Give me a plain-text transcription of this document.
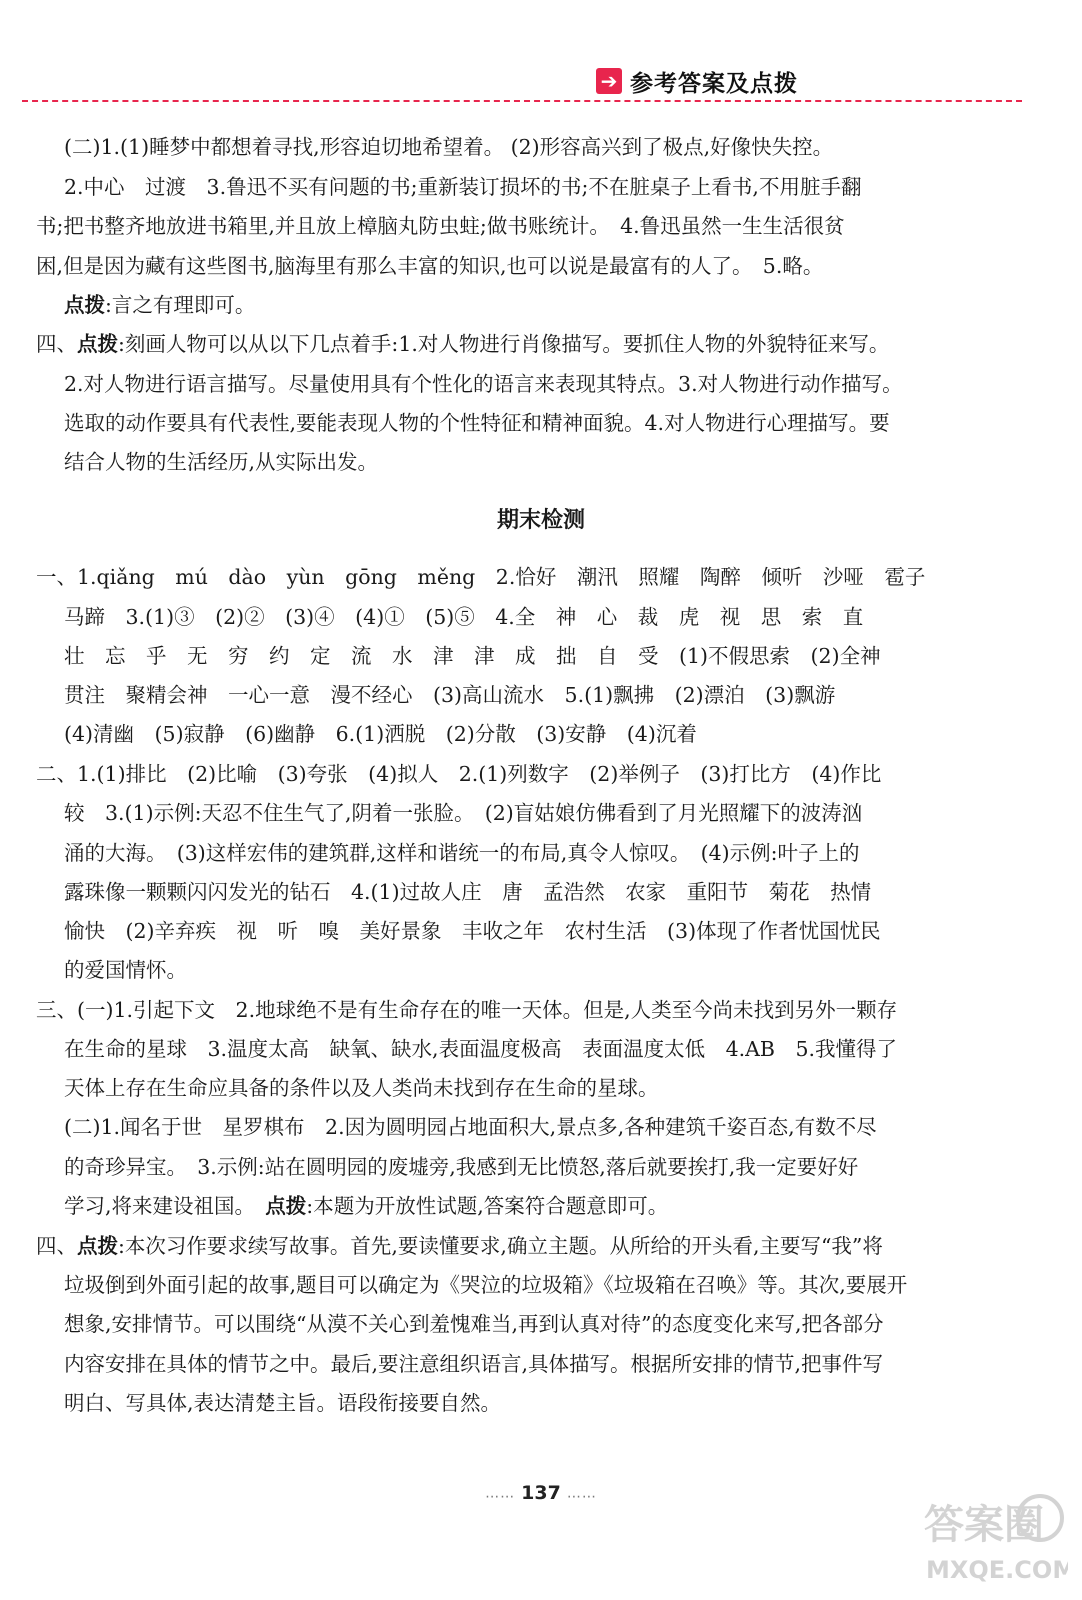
➔ 参考答案及点拨
(二)1.(1)睡梦中都想着寻找,形容迫切地希望着。 (2)形容高兴到了极点,好像快失控。
2.中心　过渡　3.鲁迅不买有问题的书;重新装订损坏的书;不在脏桌子上看书,不用脏手翻
书;把书整齐地放进书箱里,并且放上樟脑丸防虫蛀;做书账统计。　4.鲁迅虽然一生生活很贫
困,但是因为藏有这些图书,脑海里有那么丰富的知识,也可以说是最富有的人了。　5.略。
点拨:言之有理即可。
四、点拨:刻画人物可以从以下几点着手:1.对人物进行肖像描写。要抓住人物的外貌特征来写。
2.对人物进行语言描写。尽量使用具有个性化的语言来表现其特点。3.对人物进行动作描写。
选取的动作要具有代表性,要能表现人物的个性特征和精神面貌。4.对人物进行心理描写。要
结合人物的生活经历,从实际出发。
期末检测
一、1.qiǎng　mú　dào　yùn　gōng　měng　2.恰好　潮汛　照耀　陶醉　倾听　沙哑　雹子
马蹄　3.(1)③　(2)②　(3)④　(4)①　(5)⑤　4.全　神　心　裁　虎　视　思　索　直
壮　忘　乎　无　穷　约　定　流　水　津　津　成　拙　自　受　(1)不假思索　(2)全神
贯注　聚精会神　一心一意　漫不经心　(3)高山流水　5.(1)飘拂　(2)漂泊　(3)飘游
(4)清幽　(5)寂静　(6)幽静　6.(1)洒脱　(2)分散　(3)安静　(4)沉着
二、1.(1)排比　(2)比喻　(3)夸张　(4)拟人　2.(1)列数字　(2)举例子　(3)打比方　(4)作比
较　3.(1)示例:天忍不住生气了,阴着一张脸。　(2)盲姑娘仿佛看到了月光照耀下的波涛汹
涌的大海。　(3)这样宏伟的建筑群,这样和谐统一的布局,真令人惊叹。　(4)示例:叶子上的
露珠像一颗颗闪闪发光的钻石　4.(1)过故人庄　唐　孟浩然　农家　重阳节　菊花　热情
愉快　(2)辛弃疾　视　听　嗅　美好景象　丰收之年　农村生活　(3)体现了作者忧国忧民
的爱国情怀。
三、(一)1.引起下文　2.地球绝不是有生命存在的唯一天体。但是,人类至今尚未找到另外一颗存
在生命的星球　3.温度太高　缺氧、缺水,表面温度极高　表面温度太低　4.AB　5.我懂得了
天体上存在生命应具备的条件以及人类尚未找到存在生命的星球。
(二)1.闻名于世　星罗棋布　2.因为圆明园占地面积大,景点多,各种建筑千姿百态,有数不尽
的奇珍异宝。　3.示例:站在圆明园的废墟旁,我感到无比愤怒,落后就要挨打,我一定要好好
学习,将来建设祖国。　 点拨:本题为开放性试题,答案符合题意即可。
四、点拨:本次习作要求续写故事。首先,要读懂要求,确立主题。从所给的开头看,主要写“我”将
垃圾倒到外面引起的故事,题目可以确定为《哭泣的垃圾箱》《垃圾箱在召唤》等。其次,要展开
想象,安排情节。可以围绕“从漠不关心到羞愧难当,再到认真对待”的态度变化来写,把各部分
内容安排在具体的情节之中。最后,要注意组织语言,具体描写。根据所安排的情节,把事件写
明白、写具体,表达清楚主旨。语段衔接要自然。
…… 137 ……
答案圈
MXQE.COM
